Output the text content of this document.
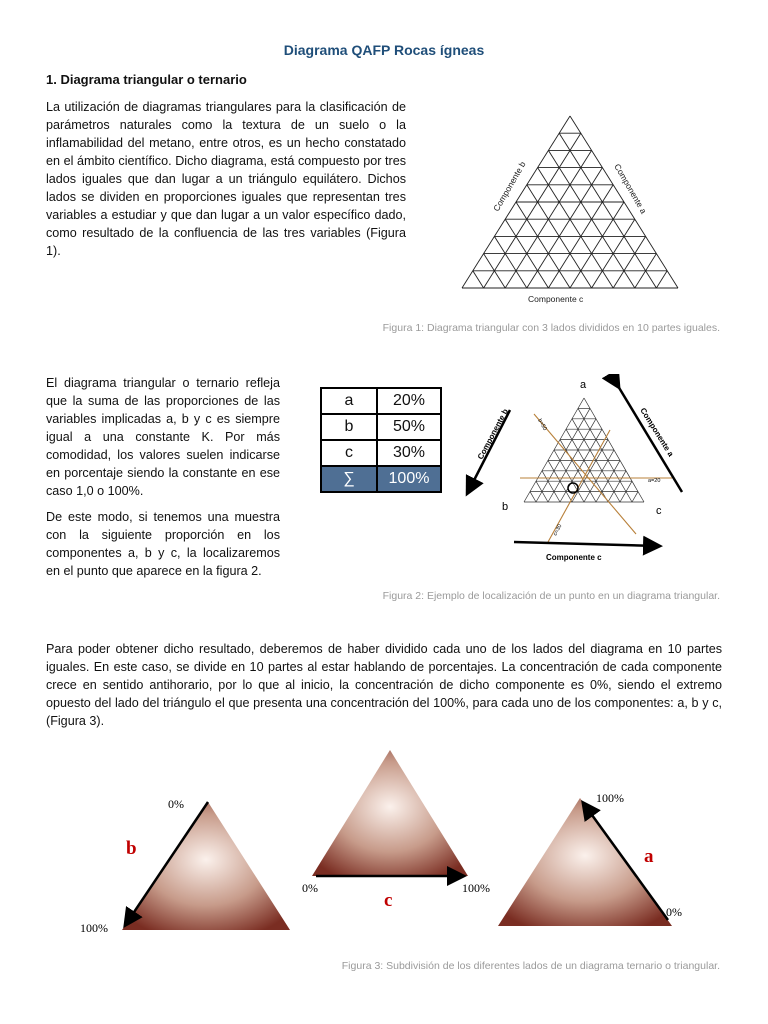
Diagrama QAFP Rocas ígneas
1. Diagrama triangular o ternario
La utilización de diagramas triangulares para la clasificación de parámetros naturales como la textura de un suelo o la inflamabilidad del metano, entre otros, es un hecho constatado en el ámbito científico. Dicho diagrama, está compuesto por tres lados iguales que dan lugar a un triángulo equilátero. Dichos lados se dividen en proporciones iguales que representan tres variables a estudiar y que dan lugar a un valor específico dado, como resultado de la confluencia de las tres variables (Figura 1).
Componente b	Componente a
Componente c
Figura 1: Diagrama triangular con 3 lados divididos en 10 partes iguales.
El diagrama triangular o ternario refleja que la suma de las proporciones de las variables implicadas a, b y c es siempre igual a una constante K. Por más comodidad, los valores suelen indicarse en porcentaje siendo la constante en ese caso 1,0 o 100%.
De este modo, si tenemos una muestra con la siguiente proporción en los componentes a, b y c, la localizaremos en el punto que aparece en la figura 2.
a	20%
b	50%
c	30%
∑	100%
a
b	c
Componente b	Componente a
Componente c
b=50
a=20
c=30
Figura 2: Ejemplo de localización de un punto en un diagrama triangular.
Para poder obtener dicho resultado, deberemos de haber dividido cada uno de los lados del diagrama en 10 partes iguales. En este caso, se divide en 10 partes al estar hablando de porcentajes. La concentración de cada componente crece en sentido antihorario, por lo que al inicio, la concentración de dicho componente es 0%, siendo el extremo opuesto del lado del triángulo el que presenta una concentración del 100%, para cada uno de los componentes: a, b y c, (Figura 3).
0%
100%
b
0%	100%
c
100%
0%
a
Figura 3: Subdivisión de los diferentes lados de un diagrama ternario o triangular.
